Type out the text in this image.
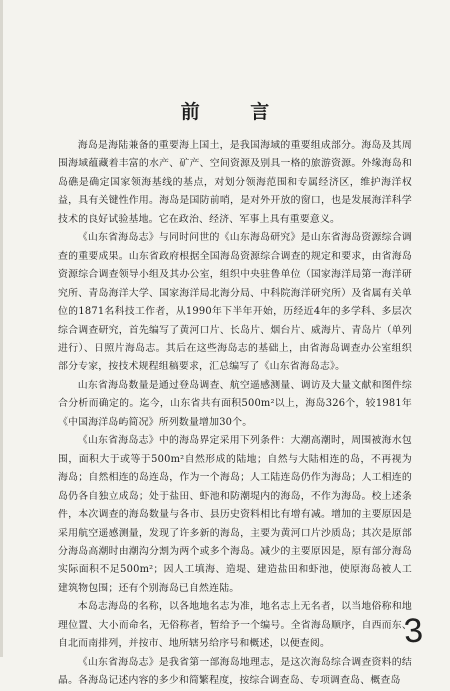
前 言

海岛是海陆兼备的重要海上国土，是我国海域的重要组成部分。海岛及其周围海域蕴藏着丰富的水产、矿产、空间资源及别具一格的旅游资源。外缘海岛和岛礁是确定国家领海基线的基点，对划分领海范围和专属经济区，维护海洋权益，具有关键性作用。海岛是国防前哨，是对外开放的窗口，也是发展海洋科学技术的良好试验基地。它在政治、经济、军事上具有重要意义。

《山东省海岛志》与同时问世的《山东海岛研究》是山东省海岛资源综合调查的重要成果。山东省政府根据全国海岛资源综合调查的规定和要求，由省海岛资源综合调查领导小组及其办公室，组织中央驻鲁单位（国家海洋局第一海洋研究所、青岛海洋大学、国家海洋局北海分局、中科院海洋研究所）及省属有关单位的1871名科技工作者，从1990年下半年开始，历经近4年的多学科、多层次综合调查研究，首先编写了黄河口片、长岛片、烟台片、威海片、青岛片（单列进行）、日照片海岛志。其后在这些海岛志的基础上，由省海岛调查办公室组织部分专家，按技术规程组稿要求，汇总编写了《山东省海岛志》。

山东省海岛数量是通过登岛调查、航空遥感测量、调访及大量文献和图件综合分析而确定的。迄今，山东省共有面积500m²以上，海岛326个，较1981年《中国海洋岛屿简况》所列数量增加30个。

《山东省海岛志》中的海岛界定采用下列条件：大潮高潮时，周围被海水包围，面积大于或等于500m²自然形成的陆地；自然与大陆相连的岛，不再视为海岛；自然相连的岛连岛，作为一个海岛；人工陆连岛仍作为海岛；人工相连的岛仍各自独立成岛；处于盐田、虾池和防潮堤内的海岛，不作为海岛。校上述条件，本次调查的海岛数量与各市、县历史资料相比有增有减。增加的主要原因是采用航空遥感测量，发现了许多新的海岛，主要为黄河口片沙质岛；其次是原部分海岛高潮时由潮沟分割为两个或多个海岛。减少的主要原因是，原有部分海岛实际面积不足500m²；因人工填海、造堤、建造盐田和虾池，使原海岛被人工建筑物包围；还有个别海岛已自然连陆。

本岛志海岛的名称，以各地地名志为准，地名志上无名者，以当地俗称和地理位置、大小而命名，无俗称者，暂给予一个编号。全省海岛顺序，自西而东、自北而南排列，并按市、地所辖另给序号和概述，以便查阅。

《山东省海岛志》是我省第一部海岛地理志，是这次海岛综合调查资料的结晶。各海岛记述内容的多少和简繁程度，按综合调查岛、专项调查岛、概查岛

3
